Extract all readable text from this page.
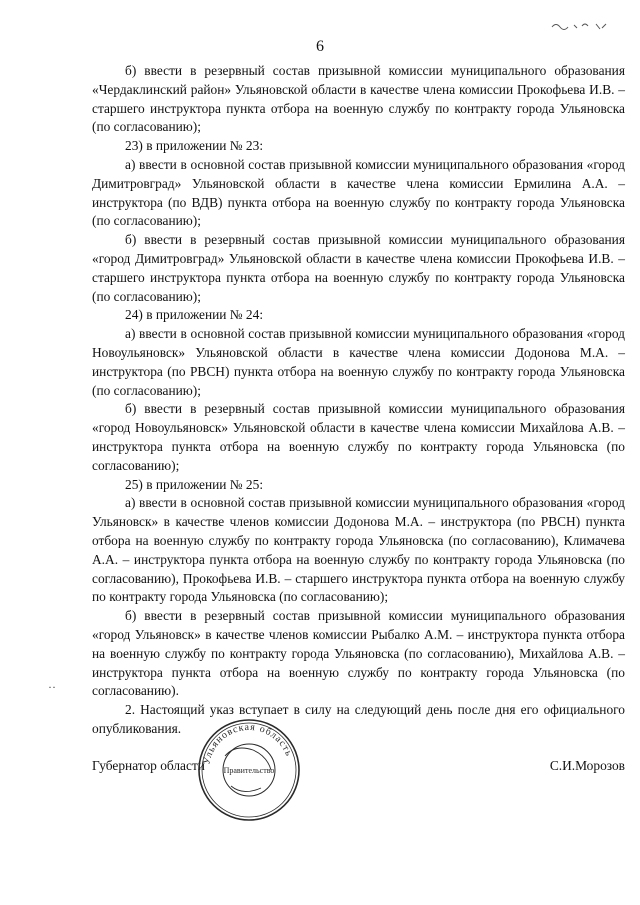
6

б) ввести в резервный состав призывной комиссии муниципального образования «Чердаклинский район» Ульяновской области в качестве члена комиссии Прокофьева И.В. – старшего инструктора пункта отбора на военную службу по контракту города Ульяновска (по согласованию);

23) в приложении № 23:

а) ввести в основной состав призывной комиссии муниципального образования «город Димитровград» Ульяновской области в качестве члена комиссии Ермилина А.А. – инструктора (по ВДВ) пункта отбора на военную службу по контракту города Ульяновска (по согласованию);

б) ввести в резервный состав призывной комиссии муниципального образования «город Димитровград» Ульяновской области в качестве члена комиссии Прокофьева И.В. – старшего инструктора пункта отбора на военную службу по контракту города Ульяновска (по согласованию);

24) в приложении № 24:

а) ввести в основной состав призывной комиссии муниципального образования «город Новоульяновск» Ульяновской области в качестве члена комиссии Додонова М.А. – инструктора (по РВСН) пункта отбора на военную службу по контракту города Ульяновска (по согласованию);

б) ввести в резервный состав призывной комиссии муниципального образования «город Новоульяновск» Ульяновской области в качестве члена комиссии Михайлова А.В. – инструктора пункта отбора на военную службу по контракту города Ульяновска (по согласованию);

25) в приложении № 25:

а) ввести в основной состав призывной комиссии муниципального образования «город Ульяновск» в качестве членов комиссии Додонова М.А. – инструктора (по РВСН) пункта отбора на военную службу по контракту города Ульяновска (по согласованию), Климачева А.А. – инструктора пункта отбора на военную службу по контракту города Ульяновска (по согласованию), Прокофьева И.В. – старшего инструктора пункта отбора на военную службу по контракту города Ульяновска (по согласованию);

б) ввести в резервный состав призывной комиссии муниципального образования «город Ульяновск» в качестве членов комиссии Рыбалко А.М. – инструктора пункта отбора на военную службу по контракту города Ульяновска (по согласованию), Михайлова А.В. – инструктора пункта отбора на военную службу по контракту города Ульяновска (по согласованию).

2. Настоящий указ вступает в силу на следующий день после дня его официального опубликования.

··
Губернатор области	С.И.Морозов
Ульяновская область
Правительство
